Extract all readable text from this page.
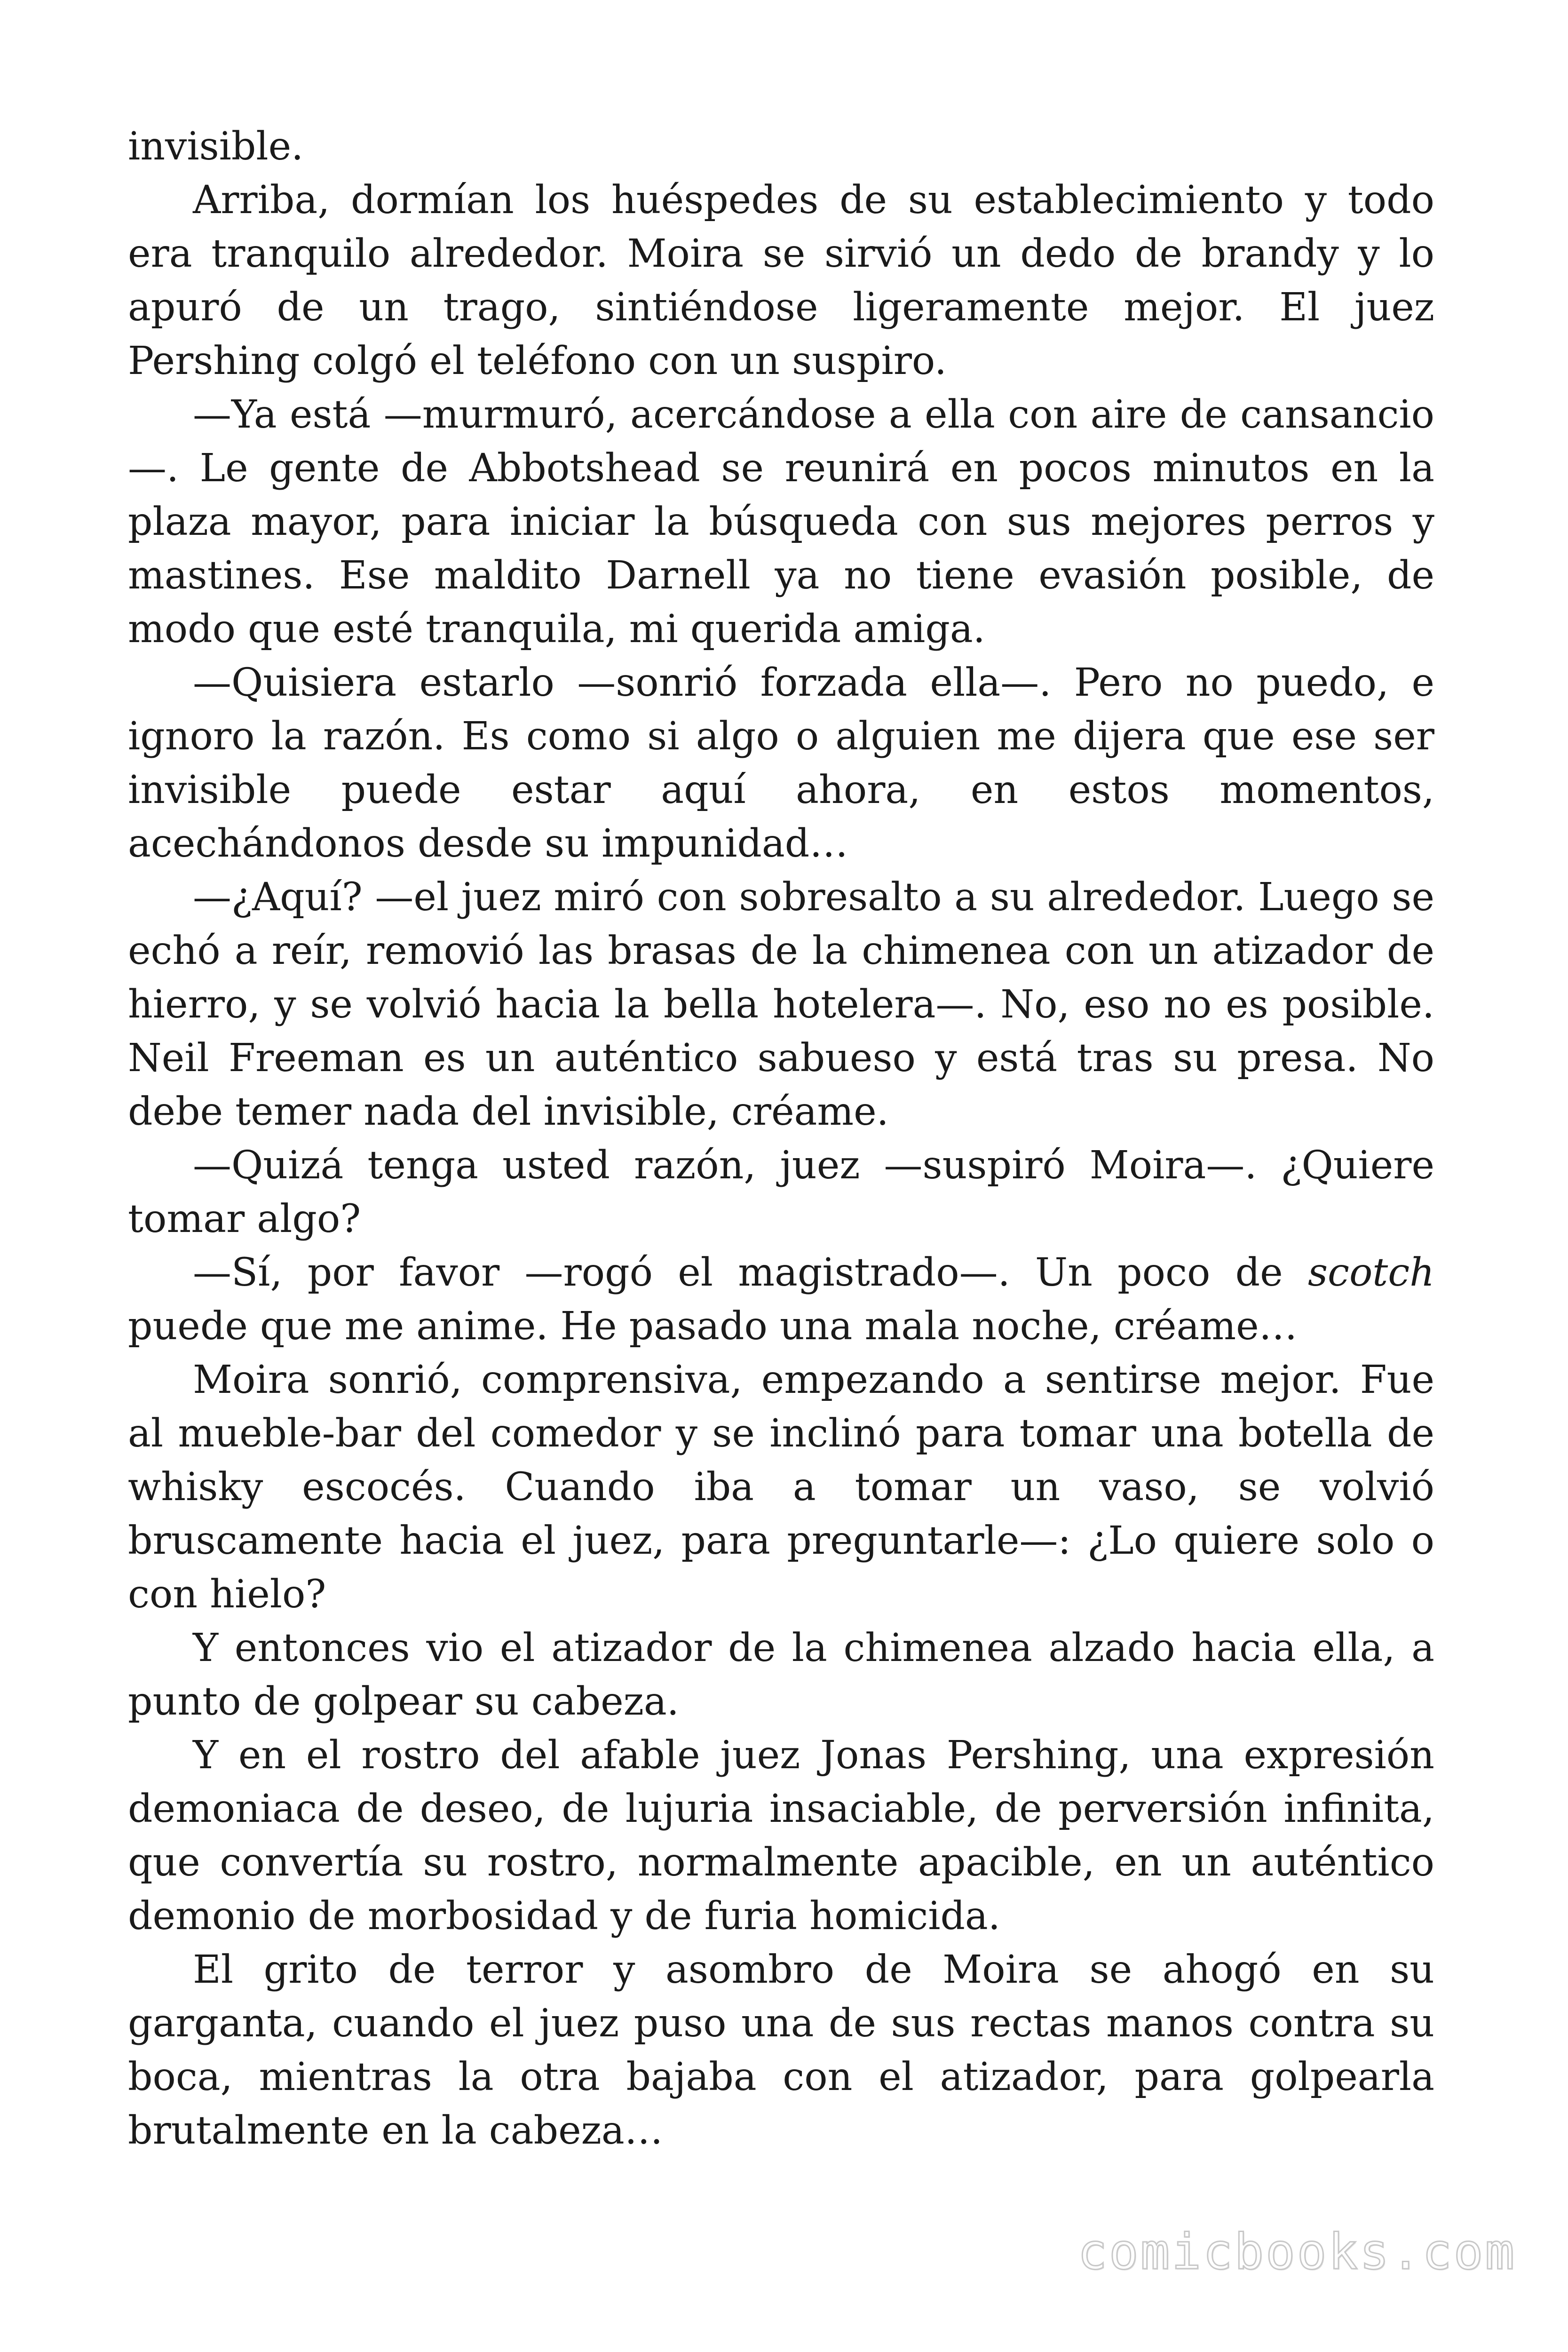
invisible.

Arriba, dormían los huéspedes de su establecimiento y todo era tranquilo alrededor. Moira se sirvió un dedo de brandy y lo apuró de un trago, sintiéndose ligeramente mejor. El juez Pershing colgó el teléfono con un suspiro.

—Ya está —murmuró, acercándose a ella con aire de cansancio —. Le gente de Abbotshead se reunirá en pocos minutos en la plaza mayor, para iniciar la búsqueda con sus mejores perros y mastines. Ese maldito Darnell ya no tiene evasión posible, de modo que esté tranquila, mi querida amiga.

—Quisiera estarlo —sonrió forzada ella—. Pero no puedo, e ignoro la razón. Es como si algo o alguien me dijera que ese ser invisible puede estar aquí ahora, en estos momentos, acechándonos desde su impunidad…

—¿Aquí? —el juez miró con sobresalto a su alrededor. Luego se echó a reír, removió las brasas de la chimenea con un atizador de hierro, y se volvió hacia la bella hotelera—. No, eso no es posible. Neil Freeman es un auténtico sabueso y está tras su presa. No debe temer nada del invisible, créame.

—Quizá tenga usted razón, juez —suspiró Moira—. ¿Quiere tomar algo?

—Sí, por favor —rogó el magistrado—. Un poco de scotch puede que me anime. He pasado una mala noche, créame…

Moira sonrió, comprensiva, empezando a sentirse mejor. Fue al mueble-bar del comedor y se inclinó para tomar una botella de whisky escocés. Cuando iba a tomar un vaso, se volvió bruscamente hacia el juez, para preguntarle—: ¿Lo quiere solo o con hielo?

Y entonces vio el atizador de la chimenea alzado hacia ella, a punto de golpear su cabeza.

Y en el rostro del afable juez Jonas Pershing, una expresión demoniaca de deseo, de lujuria insaciable, de perversión infinita, que convertía su rostro, normalmente apacible, en un auténtico demonio de morbosidad y de furia homicida.

El grito de terror y asombro de Moira se ahogó en su garganta, cuando el juez puso una de sus rectas manos contra su boca, mientras la otra bajaba con el atizador, para golpearla brutalmente en la cabeza…

comicbooks.com
